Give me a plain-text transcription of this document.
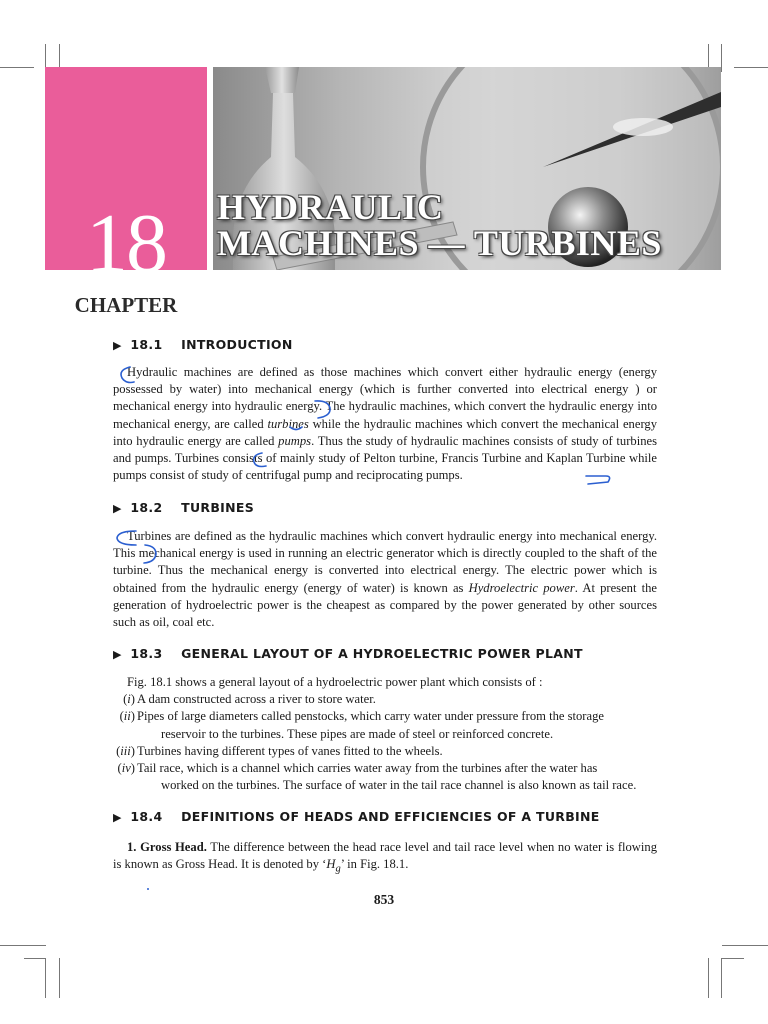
18
CHAPTER
HYDRAULIC
MACHINES — TURBINES
▶ 18.1 INTRODUCTION

Hydraulic machines are defined as those machines which convert either hydraulic energy (energy possessed by water) into mechanical energy (which is further converted into electrical energy ) or mechanical energy into hydraulic energy. The hydraulic machines, which convert the hydraulic energy into mechanical energy, are called turbines while the hydraulic machines which convert the mechanical energy into hydraulic energy are called pumps. Thus the study of hydraulic machines consists of study of turbines and pumps. Turbines consists of mainly study of Pelton turbine, Francis Turbine and Kaplan Turbine while pumps consist of study of centrifugal pump and reciprocating pumps.

▶ 18.2 TURBINES

Turbines are defined as the hydraulic machines which convert hydraulic energy into mechanical energy. This mechanical energy is used in running an electric generator which is directly coupled to the shaft of the turbine. Thus the mechanical energy is converted into electrical energy. The electric power which is obtained from the hydraulic energy (energy of water) is known as Hydroelectric power. At present the generation of hydroelectric power is the cheapest as compared by the power generated by other sources such as oil, coal etc.

▶ 18.3 GENERAL LAYOUT OF A HYDROELECTRIC POWER PLANT

Fig. 18.1 shows a general layout of a hydroelectric power plant which consists of :

(i) A dam constructed across a river to store water.
(ii) Pipes of large diameters called penstocks, which carry water under pressure from the storage
reservoir to the turbines. These pipes are made of steel or reinforced concrete.
(iii) Turbines having different types of vanes fitted to the wheels.
(iv) Tail race, which is a channel which carries water away from the turbines after the water has
worked on the turbines. The surface of water in the tail race channel is also known as tail race.
▶ 18.4 DEFINITIONS OF HEADS AND EFFICIENCIES OF A TURBINE

1. Gross Head. The difference between the head race level and tail race level when no water is flowing is known as Gross Head. It is denoted by ‘$H_g$’ in Fig. 18.1.

853
